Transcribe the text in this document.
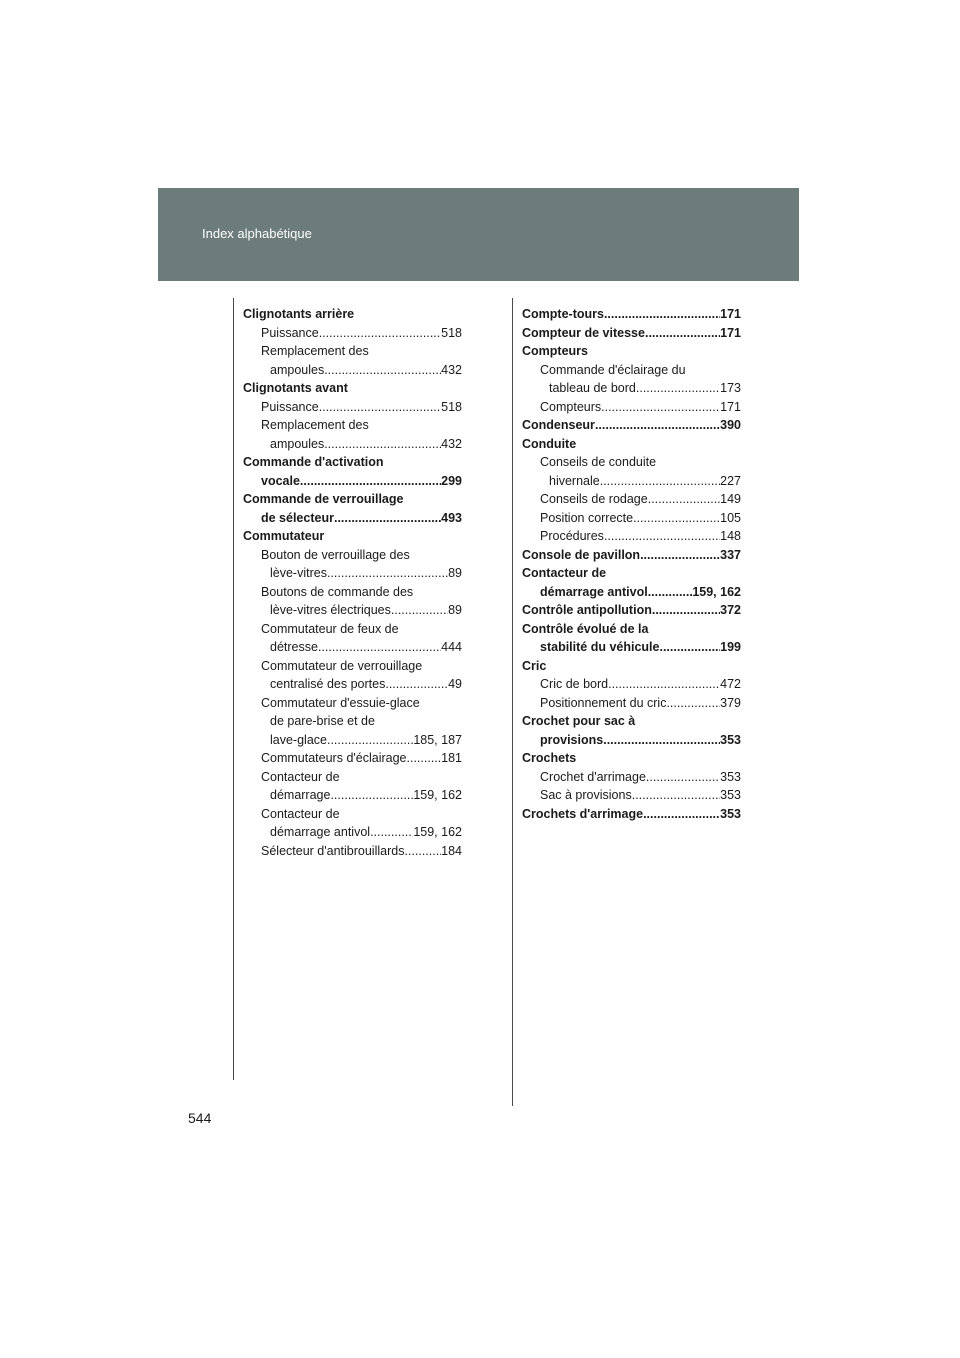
Index alphabétique
Clignotants arrière
Puissance .....	518
Remplacement des
ampoules .....	432
Clignotants avant
Puissance .....	518
Remplacement des
ampoules .....	432
Commande d'activation
vocale .....	299
Commande de verrouillage
de sélecteur .....	493
Commutateur
Bouton de verrouillage des
lève-vitres .....	89
Boutons de commande des
lève-vitres électriques .....	89
Commutateur de feux de
détresse .....	444
Commutateur de verrouillage
centralisé des portes .....	49
Commutateur d'essuie-glace
de pare-brise et de
lave-glace .....	185, 187
Commutateurs d'éclairage .....	181
Contacteur de
démarrage .....	159, 162
Contacteur de
démarrage antivol .....	159, 162
Sélecteur d'antibrouillards .....	184
Compte-tours .....	171
Compteur de vitesse .....	171
Compteurs
Commande d'éclairage du
tableau de bord .....	173
Compteurs .....	171
Condenseur .....	390
Conduite
Conseils de conduite
hivernale .....	227
Conseils de rodage .....	149
Position correcte .....	105
Procédures .....	148
Console de pavillon .....	337
Contacteur de
démarrage antivol .....	159, 162
Contrôle antipollution .....	372
Contrôle évolué de la
stabilité du véhicule .....	199
Cric
Cric de bord .....	472
Positionnement du cric .....	379
Crochet pour sac à
provisions .....	353
Crochets
Crochet d'arrimage .....	353
Sac à provisions .....	353
Crochets d'arrimage .....	353
544
